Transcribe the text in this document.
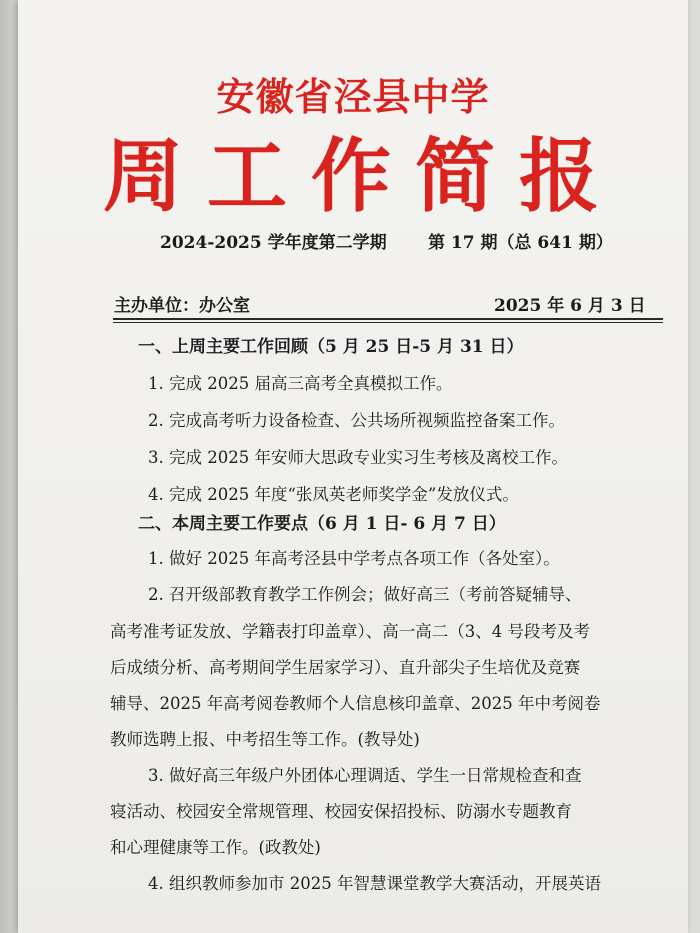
安徽省泾县中学
周工作简报
2024-2025 学年度第二学期 第 17 期（总 641 期）
主办单位：办公室	2025 年 6 月 3 日
一、上周主要工作回顾（5 月 25 日-5 月 31 日）
1. 完成 2025 届高三高考全真模拟工作。
2. 完成高考听力设备检查、公共场所视频监控备案工作。
3. 完成 2025 年安师大思政专业实习生考核及离校工作。
4. 完成 2025 年度“张凤英老师奖学金”发放仪式。
二、本周主要工作要点（6 月 1 日- 6 月 7 日）
1. 做好 2025 年高考泾县中学考点各项工作（各处室）。
2. 召开级部教育教学工作例会；做好高三（考前答疑辅导、
高考准考证发放、学籍表打印盖章）、高一高二（3、4 号段考及考
后成绩分析、高考期间学生居家学习）、直升部尖子生培优及竞赛
辅导、2025 年高考阅卷教师个人信息核印盖章、2025 年中考阅卷
教师选聘上报、中考招生等工作。(教导处)
3. 做好高三年级户外团体心理调适、学生一日常规检查和查
寝活动、校园安全常规管理、校园安保招投标、防溺水专题教育
和心理健康等工作。(政教处)
4. 组织教师参加市 2025 年智慧课堂教学大赛活动，开展英语
